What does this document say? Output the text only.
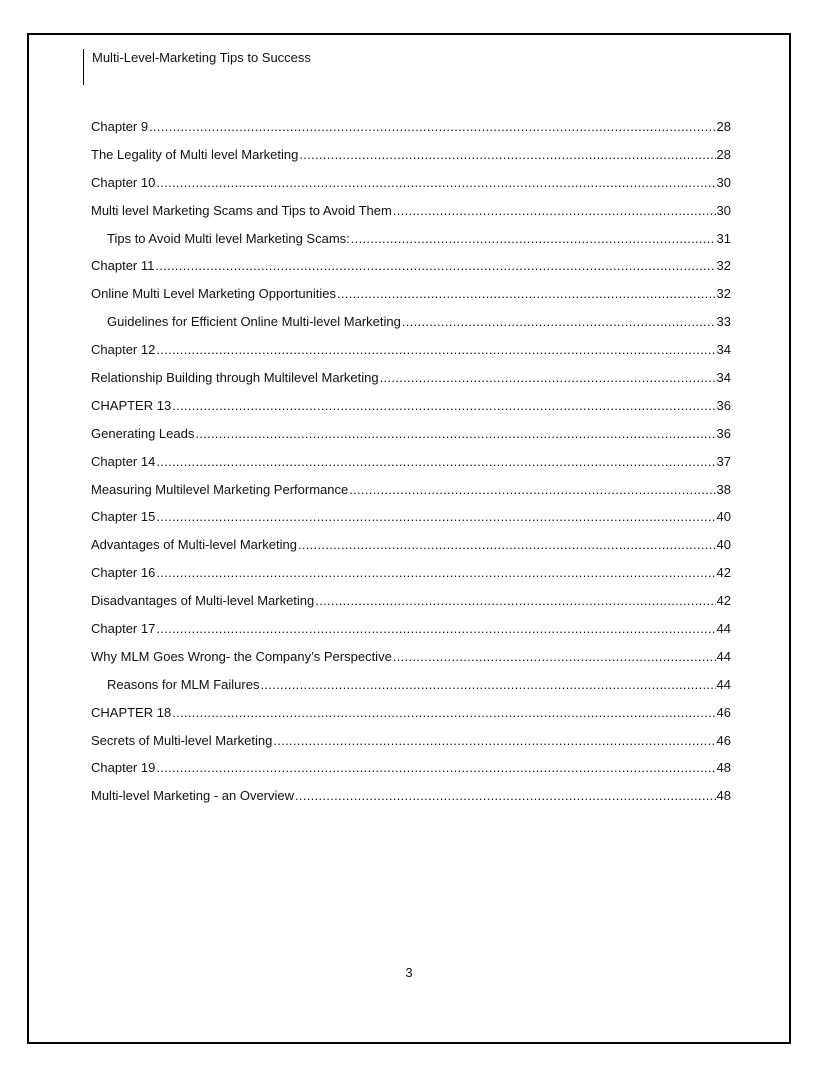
Multi-Level-Marketing Tips to Success
Chapter 9 .....	28
The Legality of Multi level Marketing .....	28
Chapter 10 .....	30
Multi level Marketing Scams and Tips to Avoid Them .....	30
Tips to Avoid Multi level Marketing Scams: .....	31
Chapter 11 .....	32
Online Multi Level Marketing Opportunities .....	32
Guidelines for Efficient Online Multi-level Marketing .....	33
Chapter 12 .....	34
Relationship Building through Multilevel Marketing .....	34
CHAPTER 13 .....	36
Generating Leads .....	36
Chapter 14 .....	37
Measuring Multilevel Marketing Performance .....	38
Chapter 15 .....	40
Advantages of Multi-level Marketing .....	40
Chapter 16 .....	42
Disadvantages of Multi-level Marketing .....	42
Chapter 17 .....	44
Why MLM Goes Wrong- the Company’s Perspective .....	44
Reasons for MLM Failures .....	44
CHAPTER 18 .....	46
Secrets of Multi-level Marketing .....	46
Chapter 19 .....	48
Multi-level Marketing - an Overview .....	48
3
